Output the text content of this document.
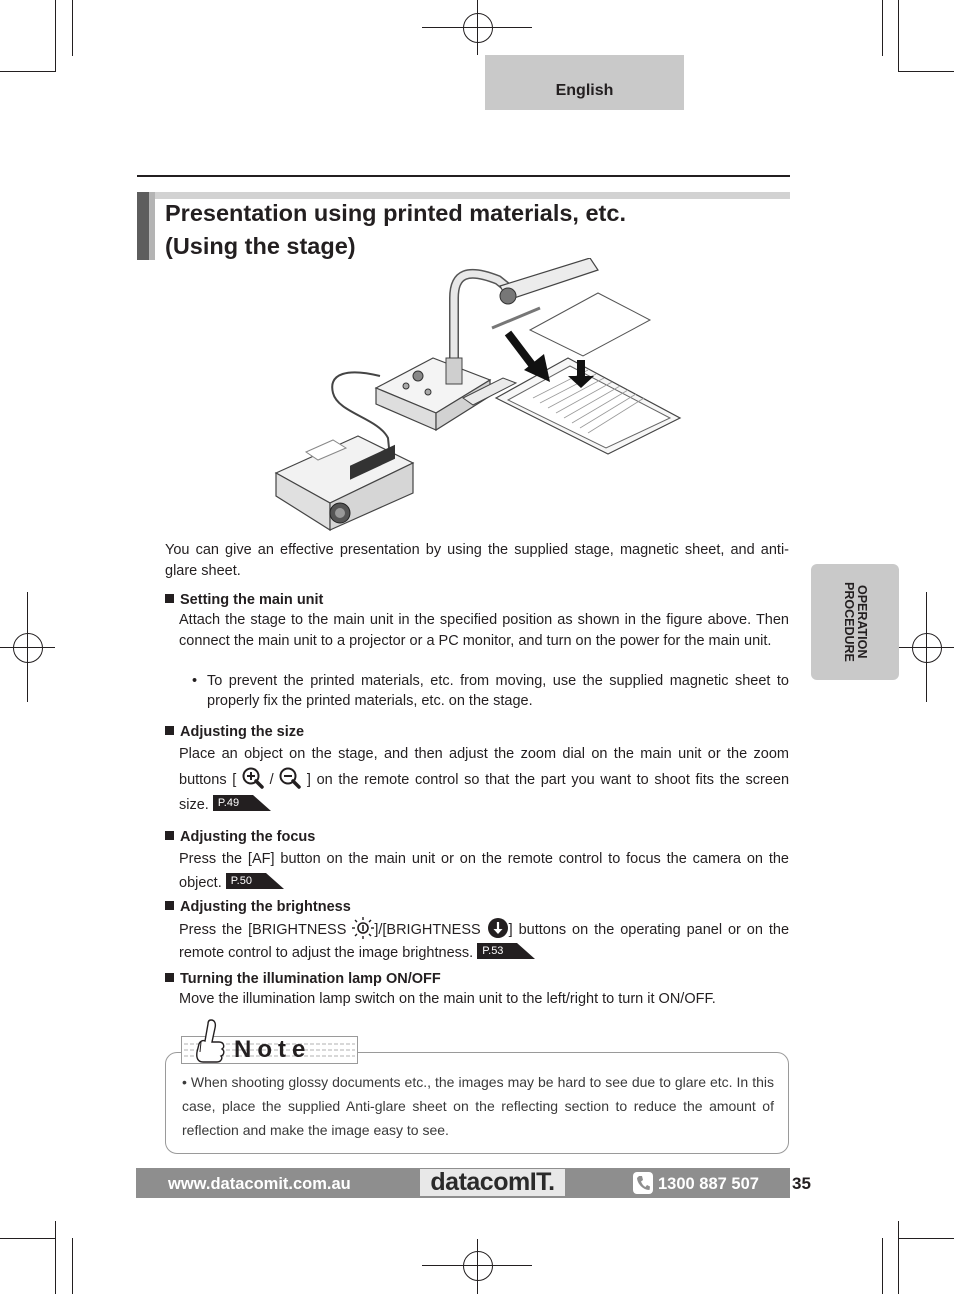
English
Presentation using printed materials, etc.
(Using the stage)
You can give an effective presentation by using the supplied stage, magnetic sheet, and anti-glare sheet.
Setting the main unit
Attach the stage to the main unit in the specified position as shown in the figure above. Then connect the main unit to a projector or a PC monitor, and turn on the power for the main unit.
• To prevent the printed materials, etc. from moving, use the supplied magnetic sheet to properly fix the printed materials, etc. on the stage.
Adjusting the size
Place an object on the stage, and then adjust the zoom dial on the main unit or the zoom buttons [ / ] on the remote control so that the part you want to shoot fits the screen size. P.49
Adjusting the focus
Press the [AF] button on the main unit or on the remote control to focus the camera on the object. P.50
Adjusting the brightness
Press the [BRIGHTNESS ]/[BRIGHTNESS ] buttons on the operating panel or on the remote control to adjust the image brightness. P.53
Turning the illumination lamp ON/OFF
Move the illumination lamp switch on the main unit to the left/right to turn it ON/OFF.
OPERATION
PROCEDURE
Note
• When shooting glossy documents etc., the images may be hard to see due to glare etc. In this case, place the supplied Anti-glare sheet on the reflecting section to reduce the amount of reflection and make the image easy to see.
www.datacomit.com.au	datacomIT.	1300 887 507 35
